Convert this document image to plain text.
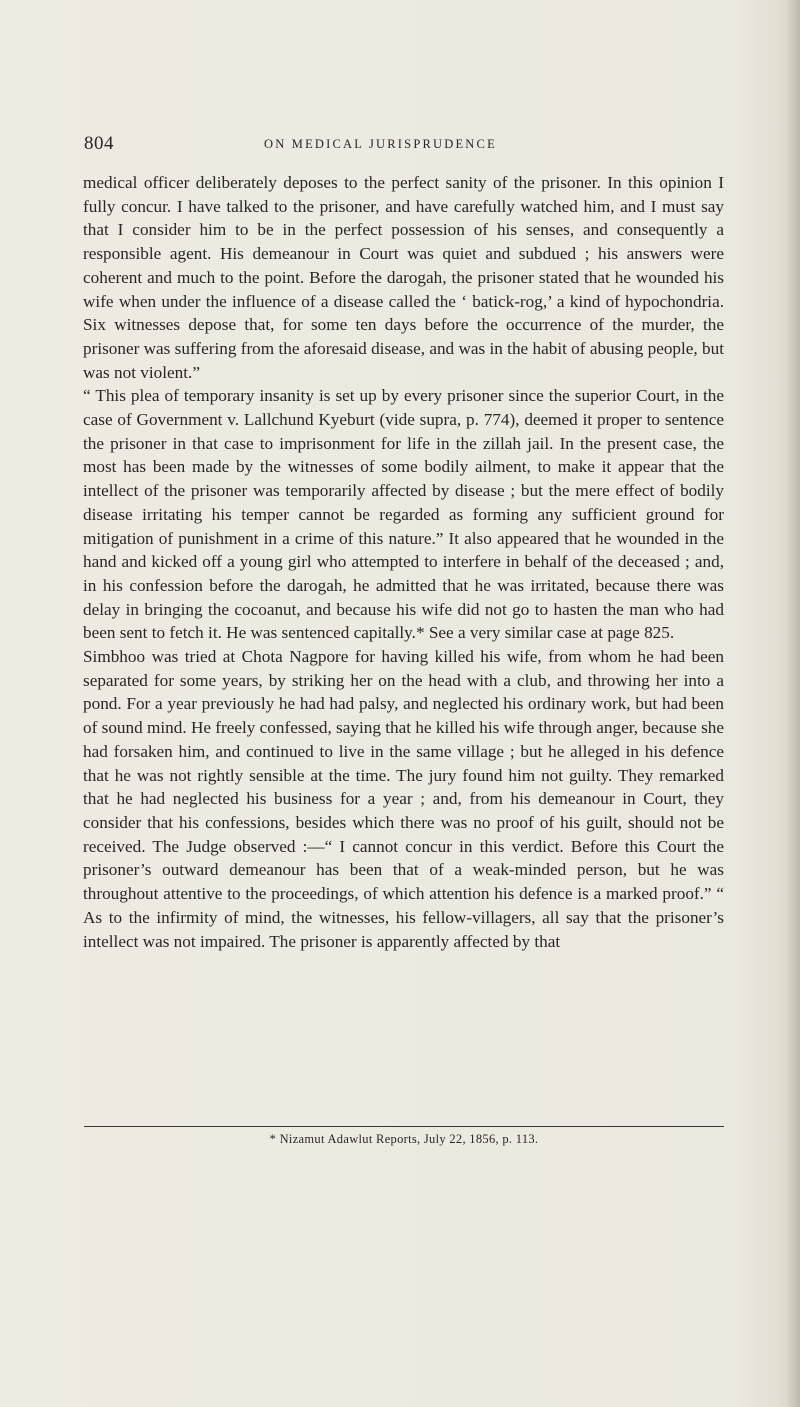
804	ON MEDICAL JURISPRUDENCE

medical officer deliberately deposes to the perfect sanity of the prisoner. In this opinion I fully concur. I have talked to the prisoner, and have carefully watched him, and I must say that I consider him to be in the perfect possession of his senses, and consequently a responsible agent. His demeanour in Court was quiet and subdued ; his answers were coherent and much to the point. Before the darogah, the prisoner stated that he wounded his wife when under the influence of a disease called the ‘ batick-rog,’ a kind of hypochondria. Six witnesses depose that, for some ten days before the occurrence of the murder, the prisoner was suffering from the aforesaid disease, and was in the habit of abusing people, but was not violent.”

“ This plea of temporary insanity is set up by every prisoner since the superior Court, in the case of Government v. Lallchund Kyeburt (vide supra, p. 774), deemed it proper to sentence the prisoner in that case to imprisonment for life in the zillah jail. In the present case, the most has been made by the witnesses of some bodily ailment, to make it appear that the intellect of the prisoner was temporarily affected by disease ; but the mere effect of bodily disease irritating his temper cannot be regarded as forming any sufficient ground for mitigation of punishment in a crime of this nature.” It also appeared that he wounded in the hand and kicked off a young girl who attempted to interfere in behalf of the deceased ; and, in his confession before the darogah, he admitted that he was irritated, because there was delay in bringing the cocoanut, and because his wife did not go to hasten the man who had been sent to fetch it. He was sentenced capitally.* See a very similar case at page 825.

Simbhoo was tried at Chota Nagpore for having killed his wife, from whom he had been separated for some years, by striking her on the head with a club, and throwing her into a pond. For a year previously he had had palsy, and neglected his ordinary work, but had been of sound mind. He freely confessed, saying that he killed his wife through anger, because she had forsaken him, and continued to live in the same village ; but he alleged in his defence that he was not rightly sensible at the time. The jury found him not guilty. They remarked that he had neglected his business for a year ; and, from his demeanour in Court, they consider that his confessions, besides which there was no proof of his guilt, should not be received. The Judge observed :—“ I cannot concur in this verdict. Before this Court the prisoner’s outward demeanour has been that of a weak-minded person, but he was throughout attentive to the proceedings, of which attention his defence is a marked proof.” “ As to the infirmity of mind, the witnesses, his fellow-villagers, all say that the prisoner’s intellect was not impaired. The prisoner is apparently affected by that

* Nizamut Adawlut Reports, July 22, 1856, p. 113.
